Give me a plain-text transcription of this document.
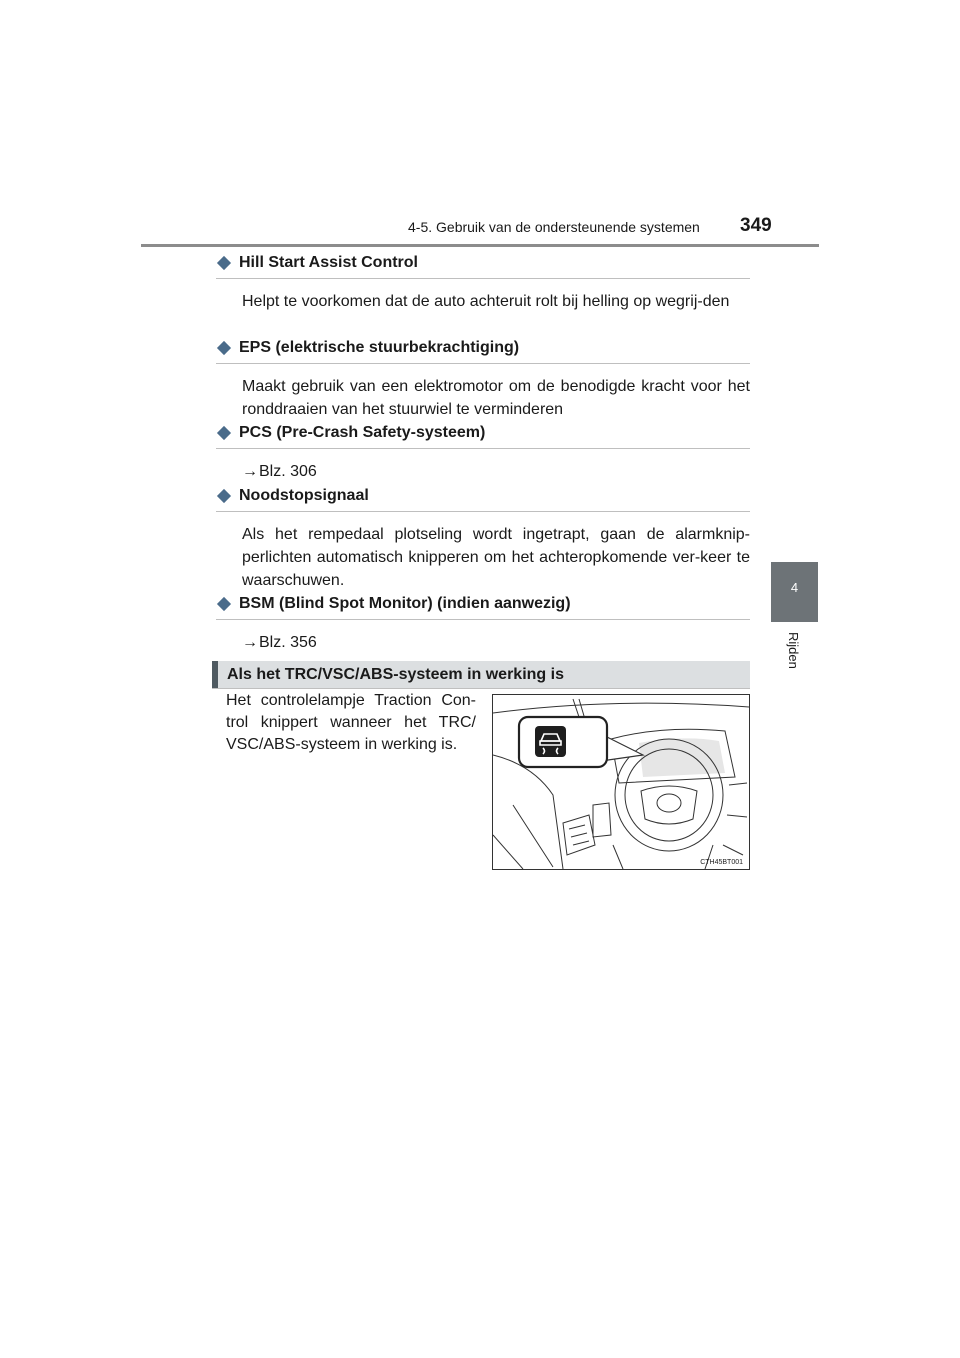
4-5. Gebruik van de ondersteunende systemen 349
4
Rijden
Hill Start Assist Control
Helpt te voorkomen dat de auto achteruit rolt bij helling op wegrij-den
EPS (elektrische stuurbekrachtiging)
Maakt gebruik van een elektromotor om de benodigde kracht voor het ronddraaien van het stuurwiel te verminderen
PCS (Pre-Crash Safety-systeem)
→Blz. 306
Noodstopsignaal
Als het rempedaal plotseling wordt ingetrapt, gaan de alarmknip-perlichten automatisch knipperen om het achteropkomende ver-keer te waarschuwen.
BSM (Blind Spot Monitor) (indien aanwezig)
→Blz. 356
Als het TRC/VSC/ABS-systeem in werking is
Het controlelampje Traction Con-trol knippert wanneer het TRC/ VSC/ABS-systeem in werking is.
CTH45BT001
